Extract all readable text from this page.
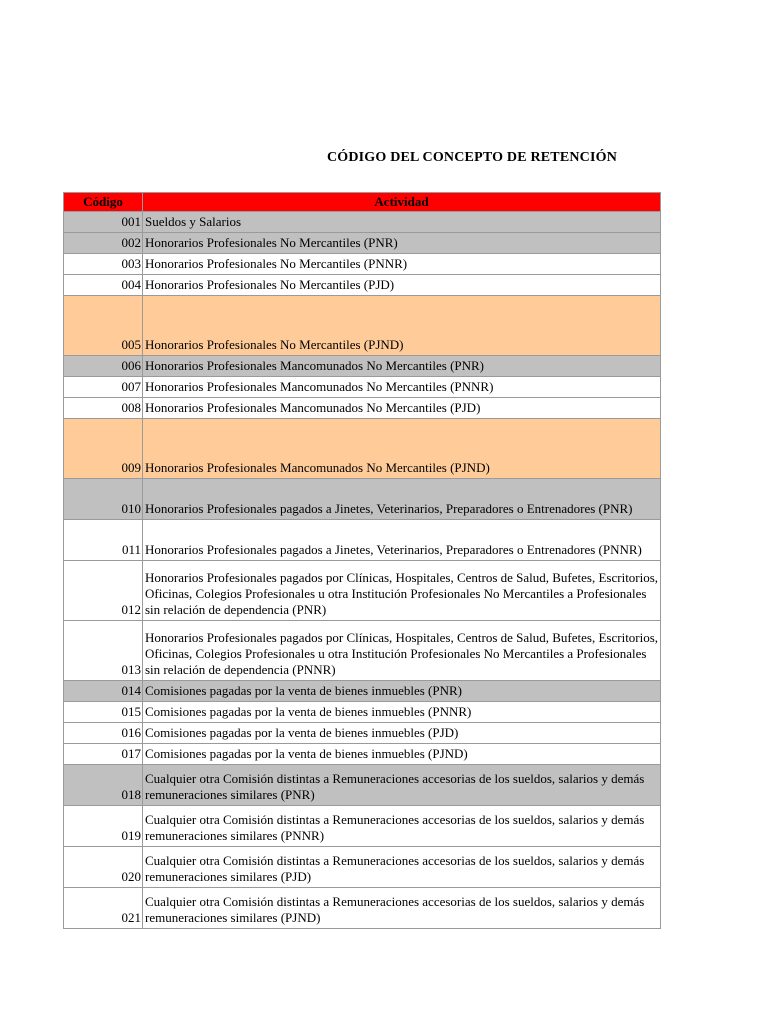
CÓDIGO DEL CONCEPTO DE RETENCIÓN
Código	Actividad
001	Sueldos y Salarios
002	Honorarios Profesionales No Mercantiles (PNR)
003	Honorarios Profesionales No Mercantiles (PNNR)
004	Honorarios Profesionales No Mercantiles (PJD)
005	Honorarios Profesionales No Mercantiles (PJND)
006	Honorarios Profesionales Mancomunados No Mercantiles (PNR)
007	Honorarios Profesionales Mancomunados No Mercantiles (PNNR)
008	Honorarios Profesionales Mancomunados No Mercantiles (PJD)
009	Honorarios Profesionales Mancomunados No Mercantiles (PJND)
010	Honorarios Profesionales pagados a Jinetes, Veterinarios, Preparadores o Entrenadores (PNR)
011	Honorarios Profesionales pagados a Jinetes, Veterinarios, Preparadores o Entrenadores (PNNR)
012	Honorarios Profesionales pagados por Clínicas, Hospitales, Centros de Salud, Bufetes, Escritorios, Oficinas, Colegios Profesionales u otra Institución Profesionales No Mercantiles a Profesionales sin relación de dependencia (PNR)
013	Honorarios Profesionales pagados por Clínicas, Hospitales, Centros de Salud, Bufetes, Escritorios, Oficinas, Colegios Profesionales u otra Institución Profesionales No Mercantiles a Profesionales sin relación de dependencia (PNNR)
014	Comisiones pagadas por la venta de bienes inmuebles (PNR)
015	Comisiones pagadas por la venta de bienes inmuebles (PNNR)
016	Comisiones pagadas por la venta de bienes inmuebles (PJD)
017	Comisiones pagadas por la venta de bienes inmuebles (PJND)
018	Cualquier otra Comisión distintas a Remuneraciones accesorias de los sueldos, salarios y demás remuneraciones similares (PNR)
019	Cualquier otra Comisión distintas a Remuneraciones accesorias de los sueldos, salarios y demás remuneraciones similares (PNNR)
020	Cualquier otra Comisión distintas a Remuneraciones accesorias de los sueldos, salarios y demás remuneraciones similares (PJD)
021	Cualquier otra Comisión distintas a Remuneraciones accesorias de los sueldos, salarios y demás remuneraciones similares (PJND)
